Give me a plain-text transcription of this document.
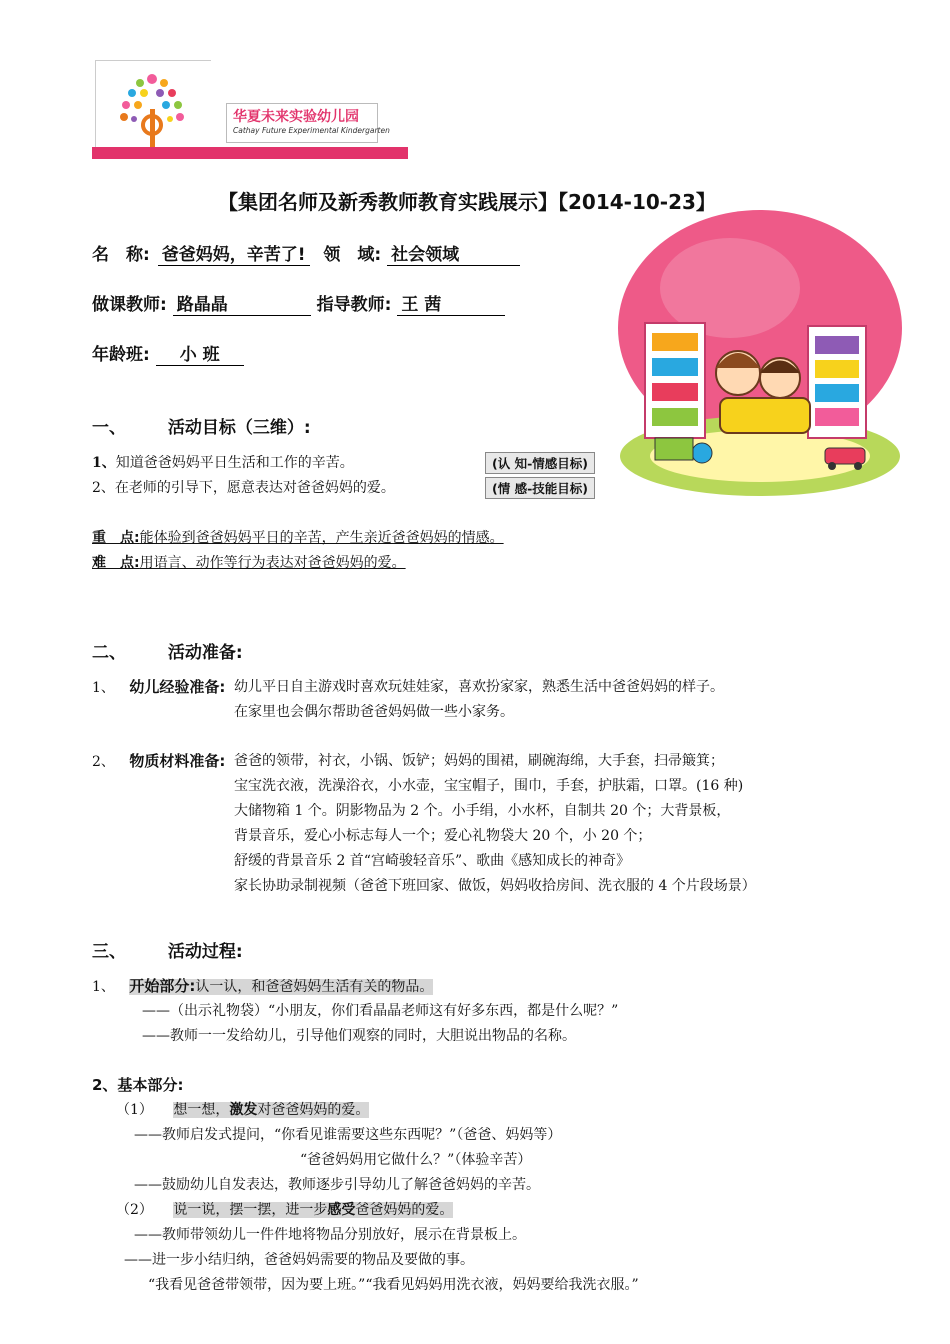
华夏未来实验幼儿园
Cathay Future Experimental Kindergarten
【集团名师及新秀教师教育实践展示】【2014-10-23】
名　称: 爸爸妈妈，辛苦了! 领　域: 社会领域
做课教师: 路晶晶	指导教师: 王 茜
年龄班: 小 班
一、 活动目标（三维）:
1、知道爸爸妈妈平日生活和工作的辛苦。	(认 知-情感目标)
2、在老师的引导下，愿意表达对爸爸妈妈的爱。	(情 感-技能目标)
重　点:能体验到爸爸妈妈平日的辛苦，产生亲近爸爸妈妈的情感。
难　点:用语言、动作等行为表达对爸爸妈妈的爱。
二、 活动准备:
1、 幼儿经验准备: 幼儿平日自主游戏时喜欢玩娃娃家，喜欢扮家家，熟悉生活中爸爸妈妈的样子。
在家里也会偶尔帮助爸爸妈妈做一些小家务。
2、 物质材料准备: 爸爸的领带，衬衣，小锅、饭铲；妈妈的围裙，刷碗海绵，大手套，扫帚簸箕；
宝宝洗衣液，洗澡浴衣，小水壶，宝宝帽子，围巾，手套，护肤霜，口罩。(16 种)
大储物箱 1 个。阴影物品为 2 个。小手绢，小水杯，自制共 20 个；大背景板，
背景音乐，爱心小标志每人一个；爱心礼物袋大 20 个，小 20 个；
舒缓的背景音乐 2 首“宫崎骏轻音乐”、歌曲《感知成长的神奇》
家长协助录制视频（爸爸下班回家、做饭，妈妈收拾房间、洗衣服的 4 个片段场景）
三、 活动过程:
1、 开始部分:认一认，和爸爸妈妈生活有关的物品。
——（出示礼物袋）“小朋友，你们看晶晶老师这有好多东西，都是什么呢？”
——教师一一发给幼儿，引导他们观察的同时，大胆说出物品的名称。
2、基本部分:
（1） 想一想，激发对爸爸妈妈的爱。
——教师启发式提问，“你看见谁需要这些东西呢？”（爸爸、妈妈等）
“爸爸妈妈用它做什么？”（体验辛苦）
——鼓励幼儿自发表达，教师逐步引导幼儿了解爸爸妈妈的辛苦。
（2） 说一说，摆一摆，进一步感受爸爸妈妈的爱。
——教师带领幼儿一件件地将物品分别放好，展示在背景板上。
——进一步小结归纳，爸爸妈妈需要的物品及要做的事。
“我看见爸爸带领带，因为要上班。”“我看见妈妈用洗衣液，妈妈要给我洗衣服。”
